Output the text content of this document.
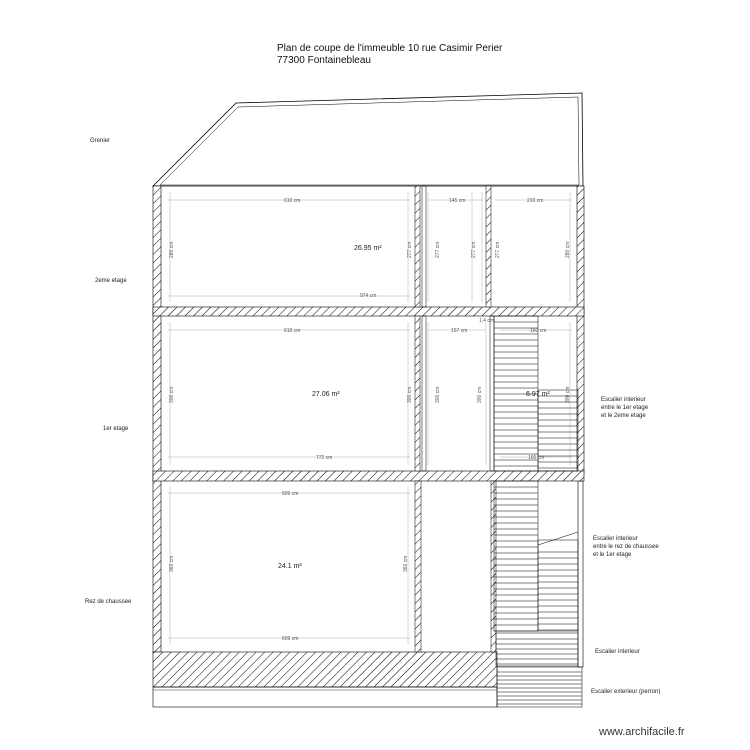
Plan de coupe de l'immeuble 10 rue Casimir Perier
77300 Fontainebleau
610 cm	145 cm	210 cm
974 cm
280 cm	277 cm	277 cm	277 cm	277 cm	280 cm
610 cm	157 cm	160 cm
1,4 cm
772 cm	160 cm
300 cm	300 cm	300 cm	300 cm	300 cm
609 cm
609 cm
360 cm	360 cm
26.95 m²
27.06 m²	6.97 m²
24.1 m²
Grenier
2eme etage
1er etage
Rez de chaussee
Escalier interieur
entre le 1er etage
et le 2eme etage
Escalier interieur
entre le rez de chaussee
et le 1er etage
Escalier interieur
Escalier exterieur (perron)
www.archifacile.fr
